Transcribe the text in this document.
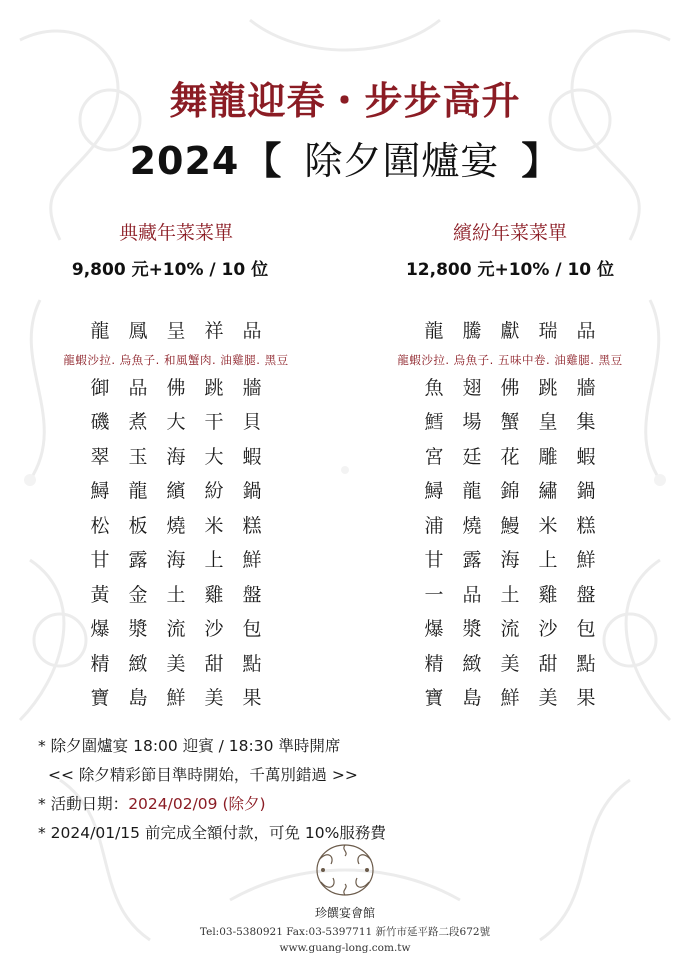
舞龍迎春・步步高升
2024 【 除夕圍爐宴 】
典藏年菜菜單
9,800 元+10% / 10 位
龍鳳呈祥品
龍蝦沙拉. 烏魚子. 和風蟹肉. 油雞腿. 黑豆
御品佛跳牆
磯煮大干貝
翠玉海大蝦
鱘龍繽紛鍋
松板燒米糕
甘露海上鮮
黃金土雞盤
爆漿流沙包
精緻美甜點
寶島鮮美果
繽紛年菜菜單
12,800 元+10% / 10 位
龍騰獻瑞品
龍蝦沙拉. 烏魚子. 五味中卷. 油雞腿. 黑豆
魚翅佛跳牆
鱈場蟹皇集
宮廷花雕蝦
鱘龍錦繡鍋
浦燒鰻米糕
甘露海上鮮
一品土雞盤
爆漿流沙包
精緻美甜點
寶島鮮美果
* 除夕圍爐宴 18:00 迎賓 / 18:30 準時開席
<< 除夕精彩節目準時開始，千萬別錯過 >>
* 活動日期：2024/02/09 (除夕)
* 2024/01/15 前完成全額付款，可免 10%服務費
珍饌宴會館
Tel:03-5380921 Fax:03-5397711 新竹市延平路二段672號
www.guang-long.com.tw
